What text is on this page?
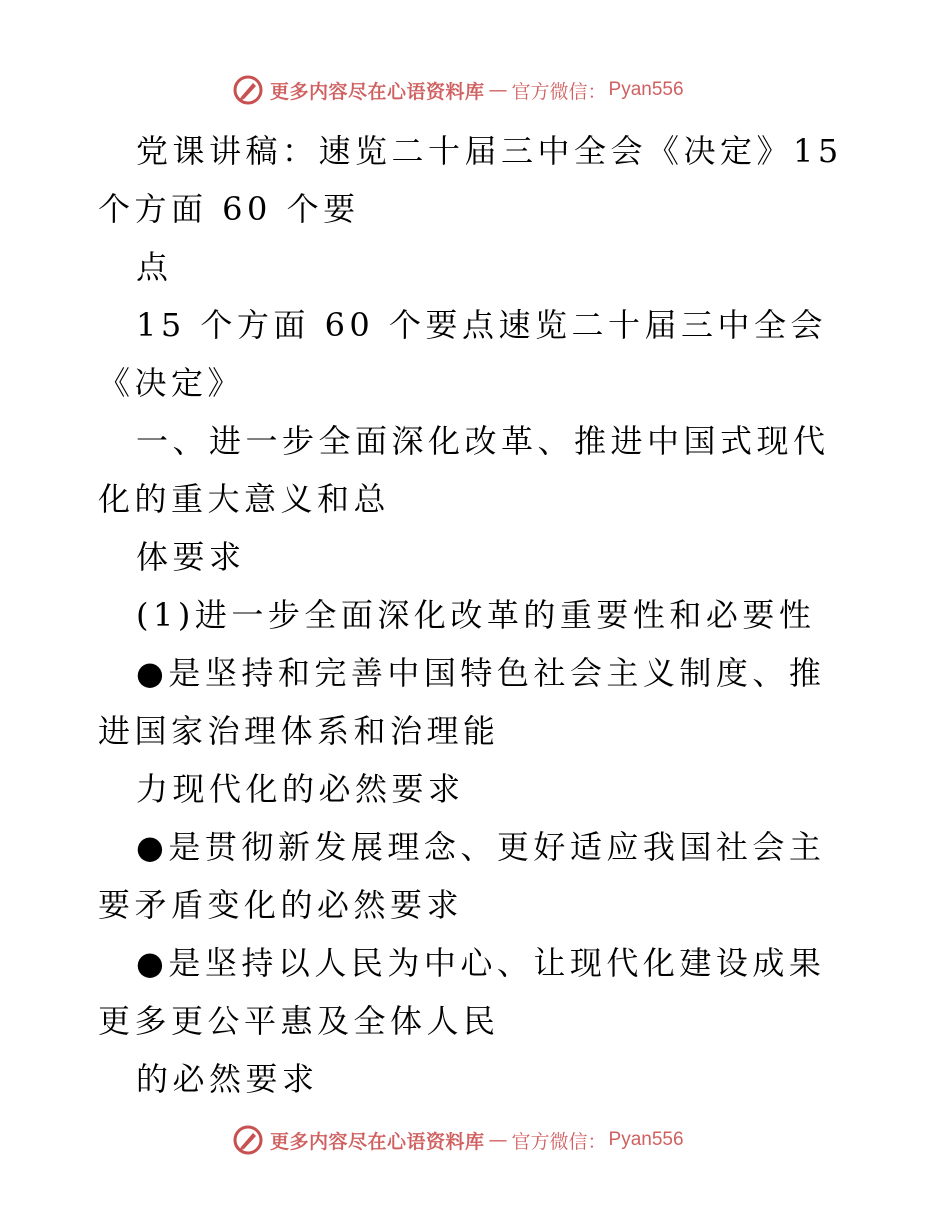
更多内容尽在心语资料库 — 官方微信： Pyan556

党课讲稿：速览二十届三中全会《决定》15 个方面 60 个要

点

15 个方面 60 个要点速览二十届三中全会《决定》

一、进一步全面深化改革、推进中国式现代化的重大意义和总

体要求

(1)进一步全面深化改革的重要性和必要性

●是坚持和完善中国特色社会主义制度、推进国家治理体系和治理能

力现代化的必然要求

●是贯彻新发展理念、更好适应我国社会主要矛盾变化的必然要求

●是坚持以人民为中心、让现代化建设成果更多更公平惠及全体人民

的必然要求

更多内容尽在心语资料库 — 官方微信： Pyan556
